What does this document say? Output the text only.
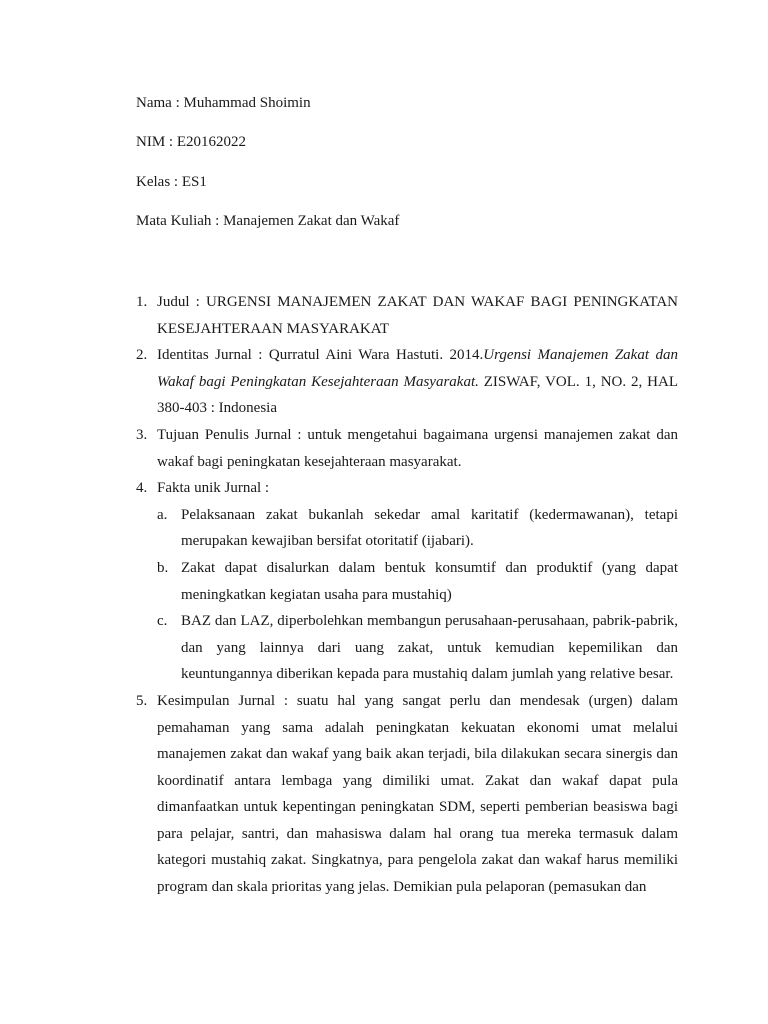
Nama : Muhammad Shoimin
NIM : E20162022
Kelas : ES1
Mata Kuliah : Manajemen Zakat dan Wakaf
1. Judul : URGENSI MANAJEMEN ZAKAT DAN WAKAF BAGI PENINGKATAN KESEJAHTERAAN MASYARAKAT
2. Identitas Jurnal : Qurratul Aini Wara Hastuti. 2014.Urgensi Manajemen Zakat dan Wakaf bagi Peningkatan Kesejahteraan Masyarakat. ZISWAF, VOL. 1, NO. 2, HAL 380-403 : Indonesia
3. Tujuan Penulis Jurnal : untuk mengetahui bagaimana urgensi manajemen zakat dan wakaf bagi peningkatan kesejahteraan masyarakat.
4. Fakta unik Jurnal :
a. Pelaksanaan zakat bukanlah sekedar amal karitatif (kedermawanan), tetapi merupakan kewajiban bersifat otoritatif (ijabari).
b. Zakat dapat disalurkan dalam bentuk konsumtif dan produktif (yang dapat meningkatkan kegiatan usaha para mustahiq)
c. BAZ dan LAZ, diperbolehkan membangun perusahaan-perusahaan, pabrik-pabrik, dan yang lainnya dari uang zakat, untuk kemudian kepemilikan dan keuntungannya diberikan kepada para mustahiq dalam jumlah yang relative besar.
5. Kesimpulan Jurnal : suatu hal yang sangat perlu dan mendesak (urgen) dalam pemahaman yang sama adalah peningkatan kekuatan ekonomi umat melalui manajemen zakat dan wakaf yang baik akan terjadi, bila dilakukan secara sinergis dan koordinatif antara lembaga yang dimiliki umat. Zakat dan wakaf dapat pula dimanfaatkan untuk kepentingan peningkatan SDM, seperti pemberian beasiswa bagi para pelajar, santri, dan mahasiswa dalam hal orang tua mereka termasuk dalam kategori mustahiq zakat. Singkatnya, para pengelola zakat dan wakaf harus memiliki program dan skala prioritas yang jelas. Demikian pula pelaporan (pemasukan dan
